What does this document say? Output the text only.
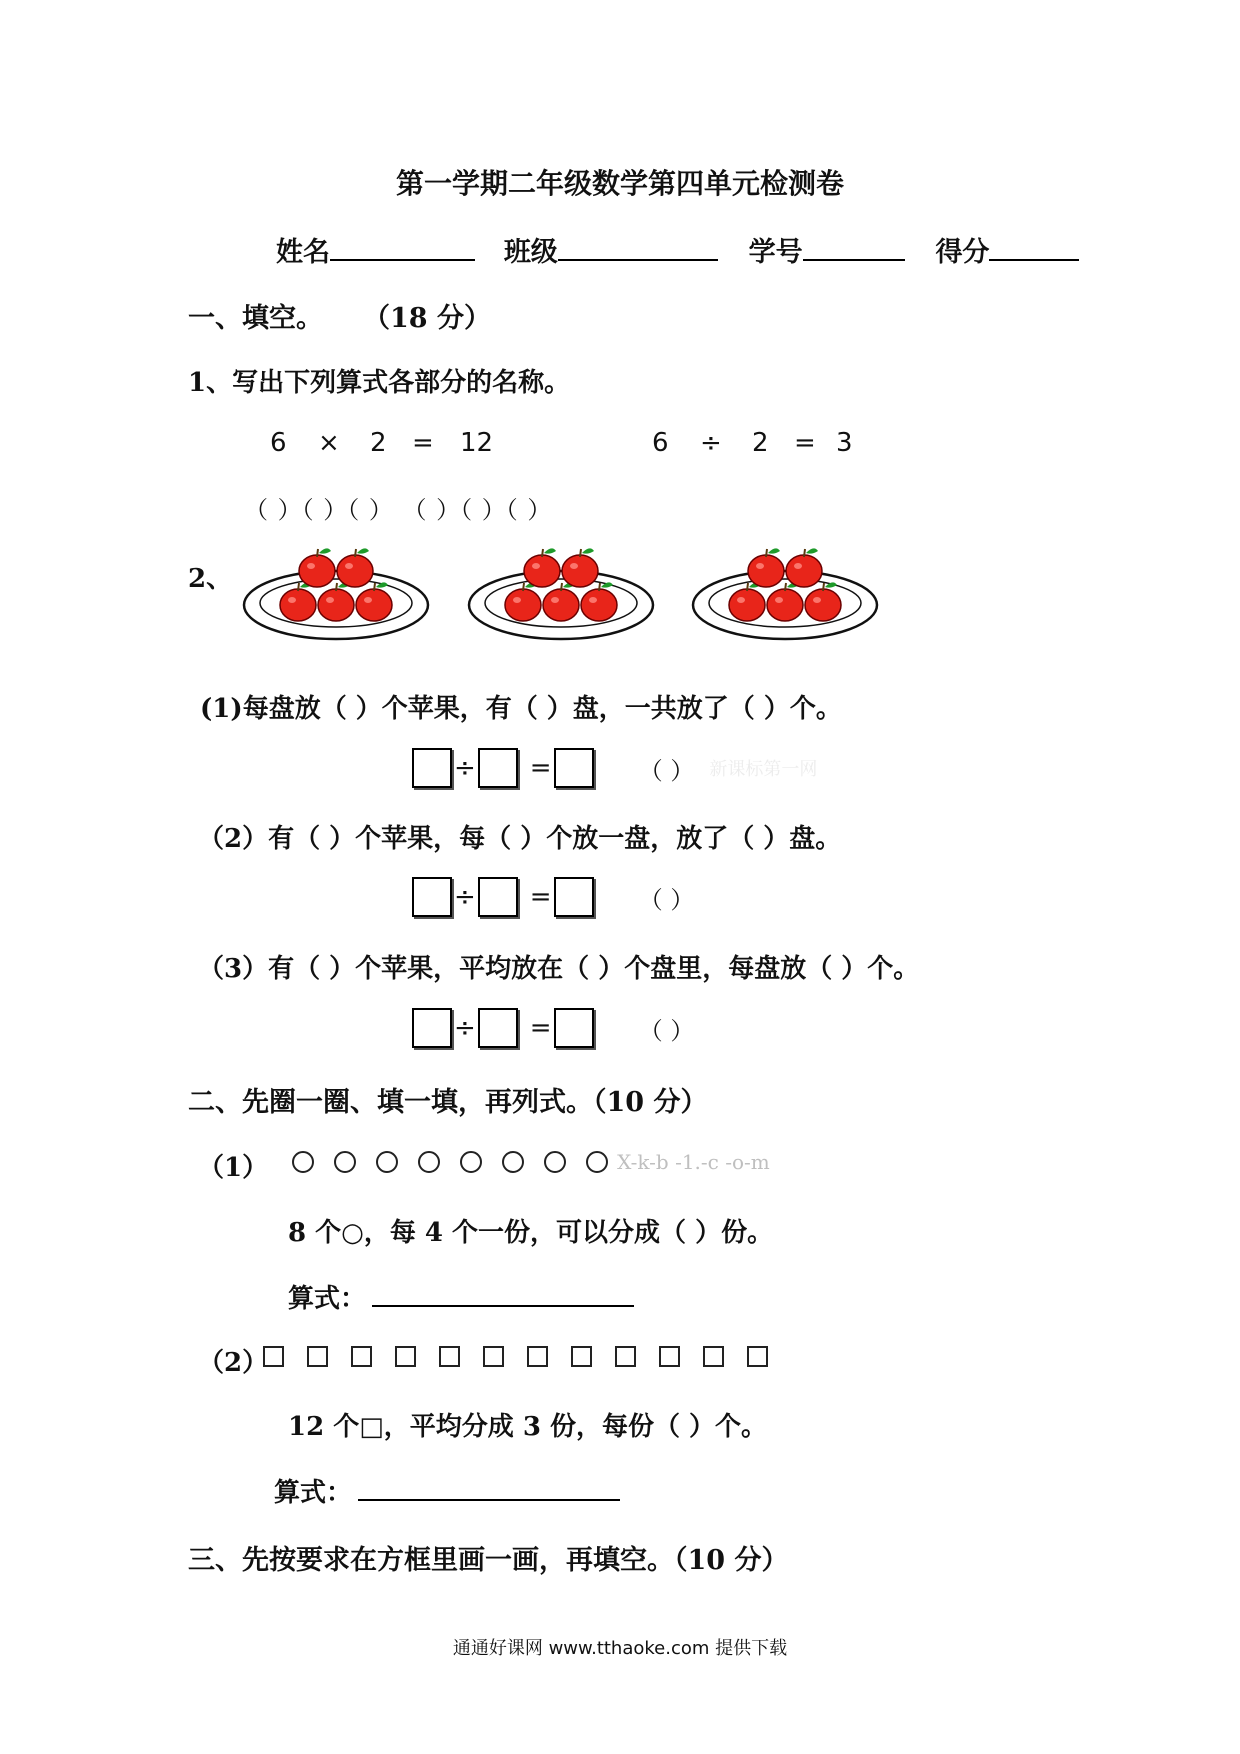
第一学期二年级数学第四单元检测卷
姓名	班级	学号	得分
一、填空。 （18 分）
1、写出下列算式各部分的名称。
6 × 2 = 12	6 ÷ 2 = 3
（ ）（ ）（ ） （ ）（ ）（ ）
2、
(1)每盘放（ ）个苹果，有（ ）盘，一共放了（ ）个。
÷ =	（ ） 新课标第一网
（2）有（ ）个苹果，每（ ）个放一盘，放了（ ）盘。
÷ =	（ ）
（3）有（ ）个苹果，平均放在（ ）个盘里，每盘放（ ）个。
÷ =	（ ）
二、先圈一圈、填一填，再列式。（10 分）
（1）	X-k-b -1.-c -o-m
8 个○，每 4 个一份，可以分成（ ）份。
算式：
（2）
12 个□，平均分成 3 份，每份（ ）个。
算式：
三、先按要求在方框里画一画，再填空。（10 分）
通通好课网 www.tthaoke.com 提供下载
